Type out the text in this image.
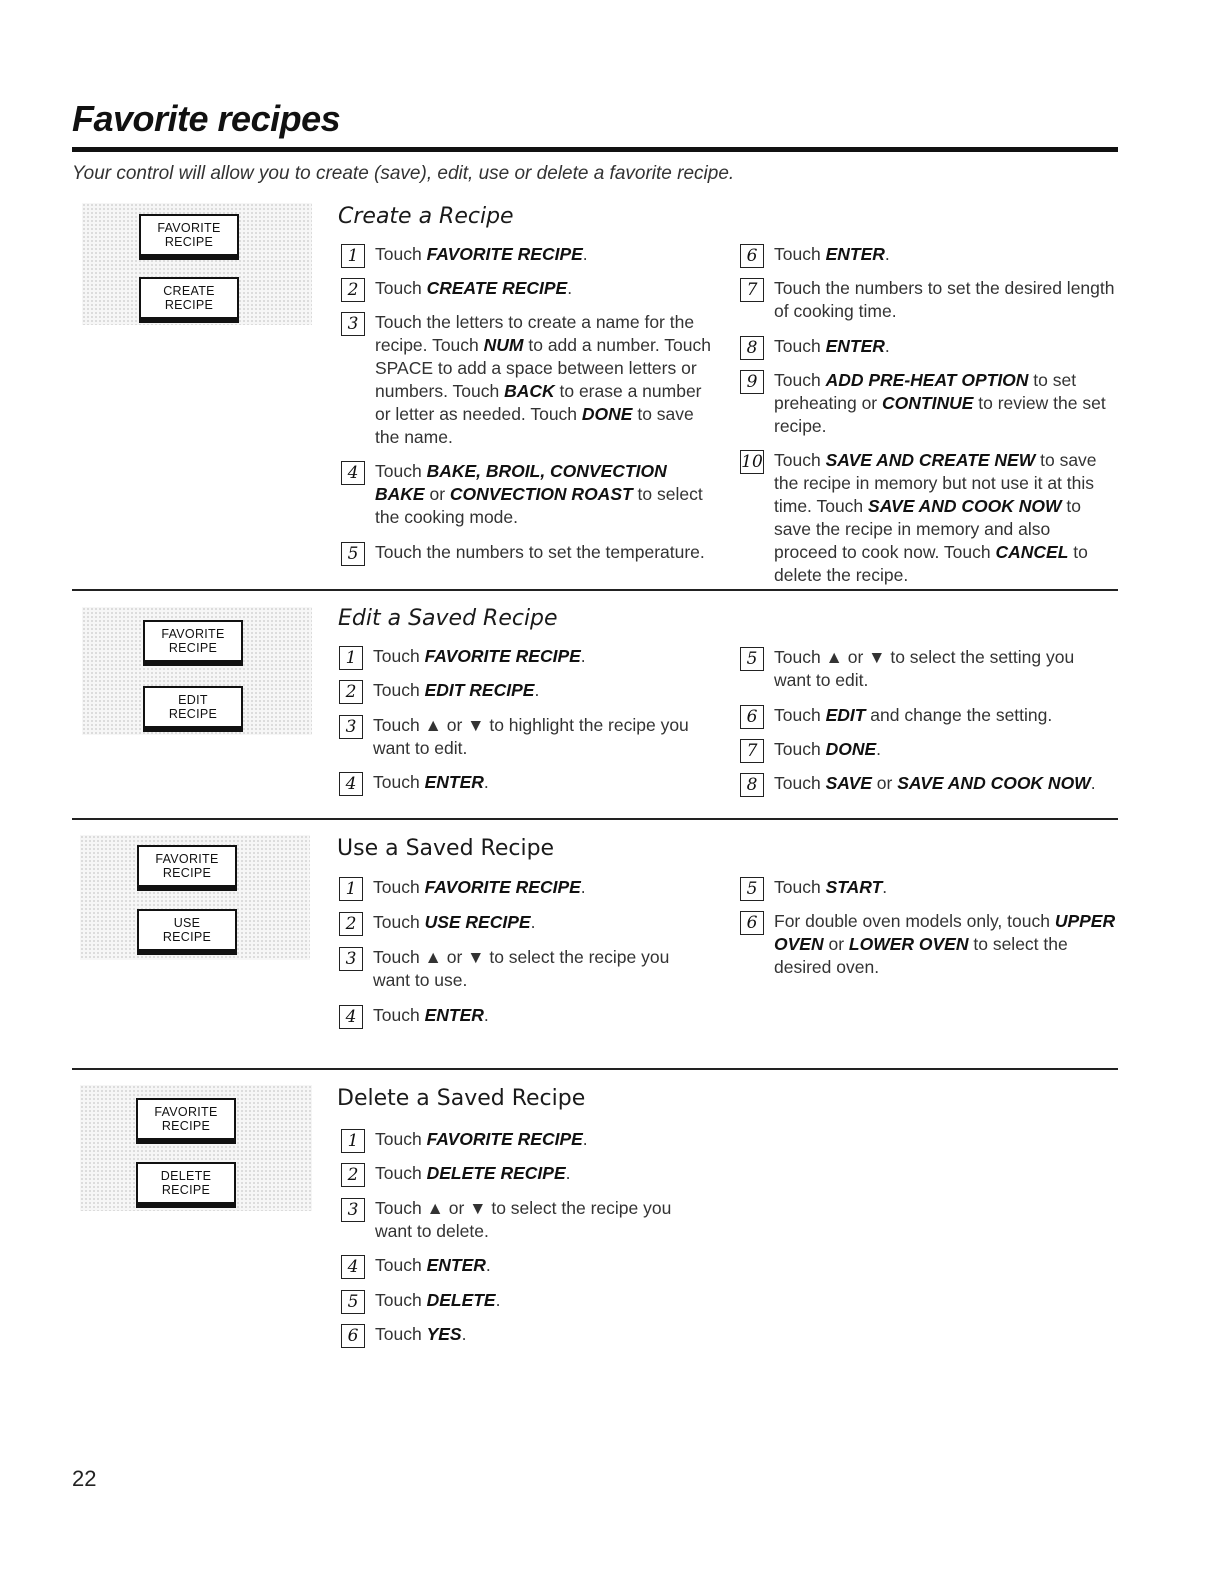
Favorite recipes
Your control will allow you to create (save), edit, use or delete a favorite recipe.
FAVORITE
RECIPE
CREATE
RECIPE
Create a Recipe
1 Touch FAVORITE RECIPE.
2 Touch CREATE RECIPE.
3 Touch the letters to create a name for the recipe. Touch NUM to add a number. Touch SPACE to add a space between letters or numbers. Touch BACK to erase a number or letter as needed. Touch DONE to save the name.
4 Touch BAKE, BROIL, CONVECTION BAKE or CONVECTION ROAST to select the cooking mode.
5 Touch the numbers to set the temperature.
6 Touch ENTER.
7 Touch the numbers to set the desired length of cooking time.
8 Touch ENTER.
9 Touch ADD PRE-HEAT OPTION to set preheating or CONTINUE to review the set recipe.
10 Touch SAVE AND CREATE NEW to save the recipe in memory but not use it at this time. Touch SAVE AND COOK NOW to save the recipe in memory and also proceed to cook now. Touch CANCEL to delete the recipe.
FAVORITE
RECIPE
EDIT
RECIPE
Edit a Saved Recipe
1 Touch FAVORITE RECIPE.
2 Touch EDIT RECIPE.
3 Touch ▲ or ▼ to highlight the recipe you want to edit.
4 Touch ENTER.
5 Touch ▲ or ▼ to select the setting you want to edit.
6 Touch EDIT and change the setting.
7 Touch DONE.
8 Touch SAVE or SAVE AND COOK NOW.
FAVORITE
RECIPE
USE
RECIPE
Use a Saved Recipe
1 Touch FAVORITE RECIPE.
2 Touch USE RECIPE.
3 Touch ▲ or ▼ to select the recipe you want to use.
4 Touch ENTER.
5 Touch START.
6 For double oven models only, touch UPPER OVEN or LOWER OVEN to select the desired oven.
FAVORITE
RECIPE
DELETE
RECIPE
Delete a Saved Recipe
1 Touch FAVORITE RECIPE.
2 Touch DELETE RECIPE.
3 Touch ▲ or ▼ to select the recipe you want to delete.
4 Touch ENTER.
5 Touch DELETE.
6 Touch YES.
22
